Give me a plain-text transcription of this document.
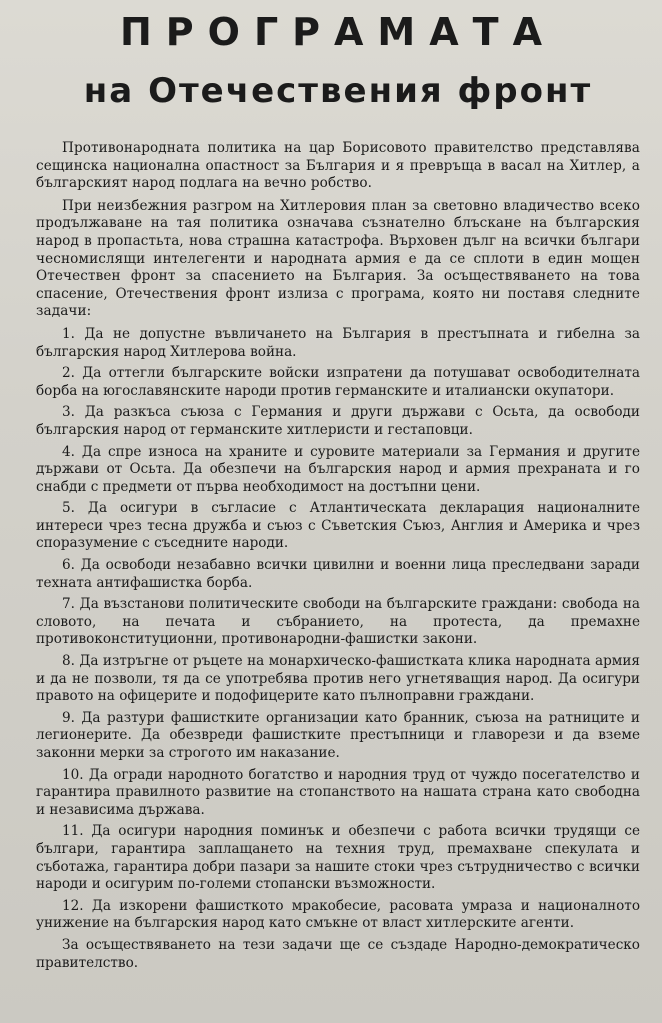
ПРОГРАМАТА
на Отечествения фронт

Противонародната политика на цар Борисовото правителство представлява сещинска национална опастност за България и я превръща в васал на Хитлер, а българският народ подлага на вечно робство.

При неизбежния разгром на Хитлеровия план за световно владичество всеко продължаване на тая политика означава съзнателно блъскане на българския народ в пропастьта, нова страшна катастрофа. Върховен дълг на всички българи чесномислящи интелегенти и народната армия е да се сплоти в един мощен Отечествен фронт за спасението на България. За осъществяването на това спасение, Отечествения фронт излиза с програма, която ни поставя следните задачи:

1. Да не допустне въвличането на България в престъпната и гибелна за българския народ Хитлерова война.

2. Да оттегли българските войски изпратени да потушават освободителната борба на югославянските народи против германските и италиански окупатори.

3. Да разкъса съюза с Германия и други държави с Осьта, да освободи българския народ от германските хитлеристи и гестаповци.

4. Да спре износа на храните и суровите материали за Германия и другите държави от Осьта. Да обезпечи на българския народ и армия прехраната и го снабди с предмети от първа необходимост на достъпни цени.

5. Да осигури в съгласие с Атлантическата декларация националните интереси чрез тесна дружба и съюз с Съветския Съюз, Англия и Америка и чрез споразумение с съседните народи.

6. Да освободи незабавно всички цивилни и военни лица преследвани заради техната антифашистка борба.

7. Да възстанови политическите свободи на българските граждани: свобода на словото, на печата и събранието, на протеста, да премахне противоконституционни, противонародни-фашистки закони.

8. Да изтръгне от ръцете на монархическо-фашистката клика народната армия и да не позволи, тя да се употребява против него угнетяващия народ. Да осигури правото на офицерите и подофицерите като пълноправни граждани.

9. Да разтури фашистките организации като бранник, съюза на ратниците и легионерите. Да обезвреди фашистките престъпници и главорези и да вземе законни мерки за строгото им наказание.

10. Да огради народното богатство и народния труд от чуждо посегателство и гарантира правилното развитие на стопанството на нашата страна като свободна и независима държава.

11. Да осигури народния поминък и обезпечи с работа всички трудящи се българи, гарантира заплащането на техния труд, премахване спекулата и съботажа, гарантира добри пазари за нашите стоки чрез сътрудничество с всички народи и осигурим по-големи стопански възможности.

12. Да изкорени фашисткото мракобесие, расовата умраза и националното унижение на българския народ като смъкне от власт хитлерските агенти.

За осъществяването на тези задачи ще се създаде Народно-демократическо правителство.
